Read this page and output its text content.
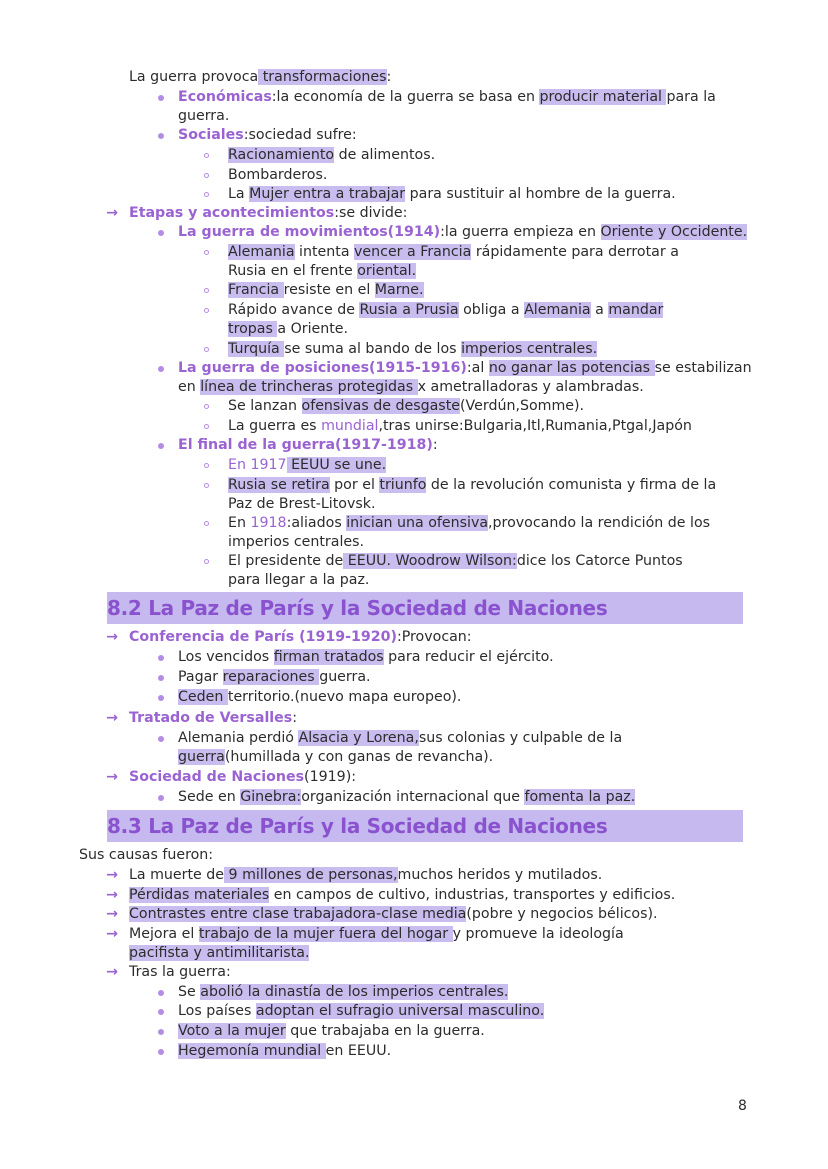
La guerra provoca transformaciones:
Económicas:la economía de la guerra se basa en producir material para la
guerra.
Sociales:sociedad sufre:
Racionamiento de alimentos.
Bombarderos.
La Mujer entra a trabajar para sustituir al hombre de la guerra.
→ Etapas y acontecimientos:se divide:
La guerra de movimientos(1914):la guerra empieza en Oriente y Occidente.
Alemania intenta vencer a Francia rápidamente para derrotar a
Rusia en el frente oriental.
Francia resiste en el Marne.
Rápido avance de Rusia a Prusia obliga a Alemania a mandar
tropas a Oriente.
Turquía se suma al bando de los imperios centrales.
La guerra de posiciones(1915-1916):al no ganar las potencias se estabilizan
en línea de trincheras protegidas x ametralladoras y alambradas.
Se lanzan ofensivas de desgaste(Verdún,Somme).
La guerra es mundial,tras unirse:Bulgaria,Itl,Rumania,Ptgal,Japón
El final de la guerra(1917-1918):
En 1917 EEUU se une.
Rusia se retira por el triunfo de la revolución comunista y firma de la
Paz de Brest-Litovsk.
En 1918:aliados inician una ofensiva,provocando la rendición de los
imperios centrales.
El presidente de EEUU. Woodrow Wilson:dice los Catorce Puntos
para llegar a la paz.
8.2 La Paz de París y la Sociedad de Naciones
→ Conferencia de París (1919-1920):Provocan:
Los vencidos firman tratados para reducir el ejército.
Pagar reparaciones guerra.
Ceden territorio.(nuevo mapa europeo).
→ Tratado de Versalles:
Alemania perdió Alsacia y Lorena,sus colonias y culpable de la
guerra(humillada y con ganas de revancha).
→ Sociedad de Naciones(1919):
Sede en Ginebra:organización internacional que fomenta la paz.
8.3 La Paz de París y la Sociedad de Naciones
Sus causas fueron:
→ La muerte de 9 millones de personas,muchos heridos y mutilados.
→ Pérdidas materiales en campos de cultivo, industrias, transportes y edificios.
→ Contrastes entre clase trabajadora-clase media(pobre y negocios bélicos).
→ Mejora el trabajo de la mujer fuera del hogar y promueve la ideología
pacifista y antimilitarista.
→ Tras la guerra:
Se abolió la dinastía de los imperios centrales.
Los países adoptan el sufragio universal masculino.
Voto a la mujer que trabajaba en la guerra.
Hegemonía mundial en EEUU.
8
